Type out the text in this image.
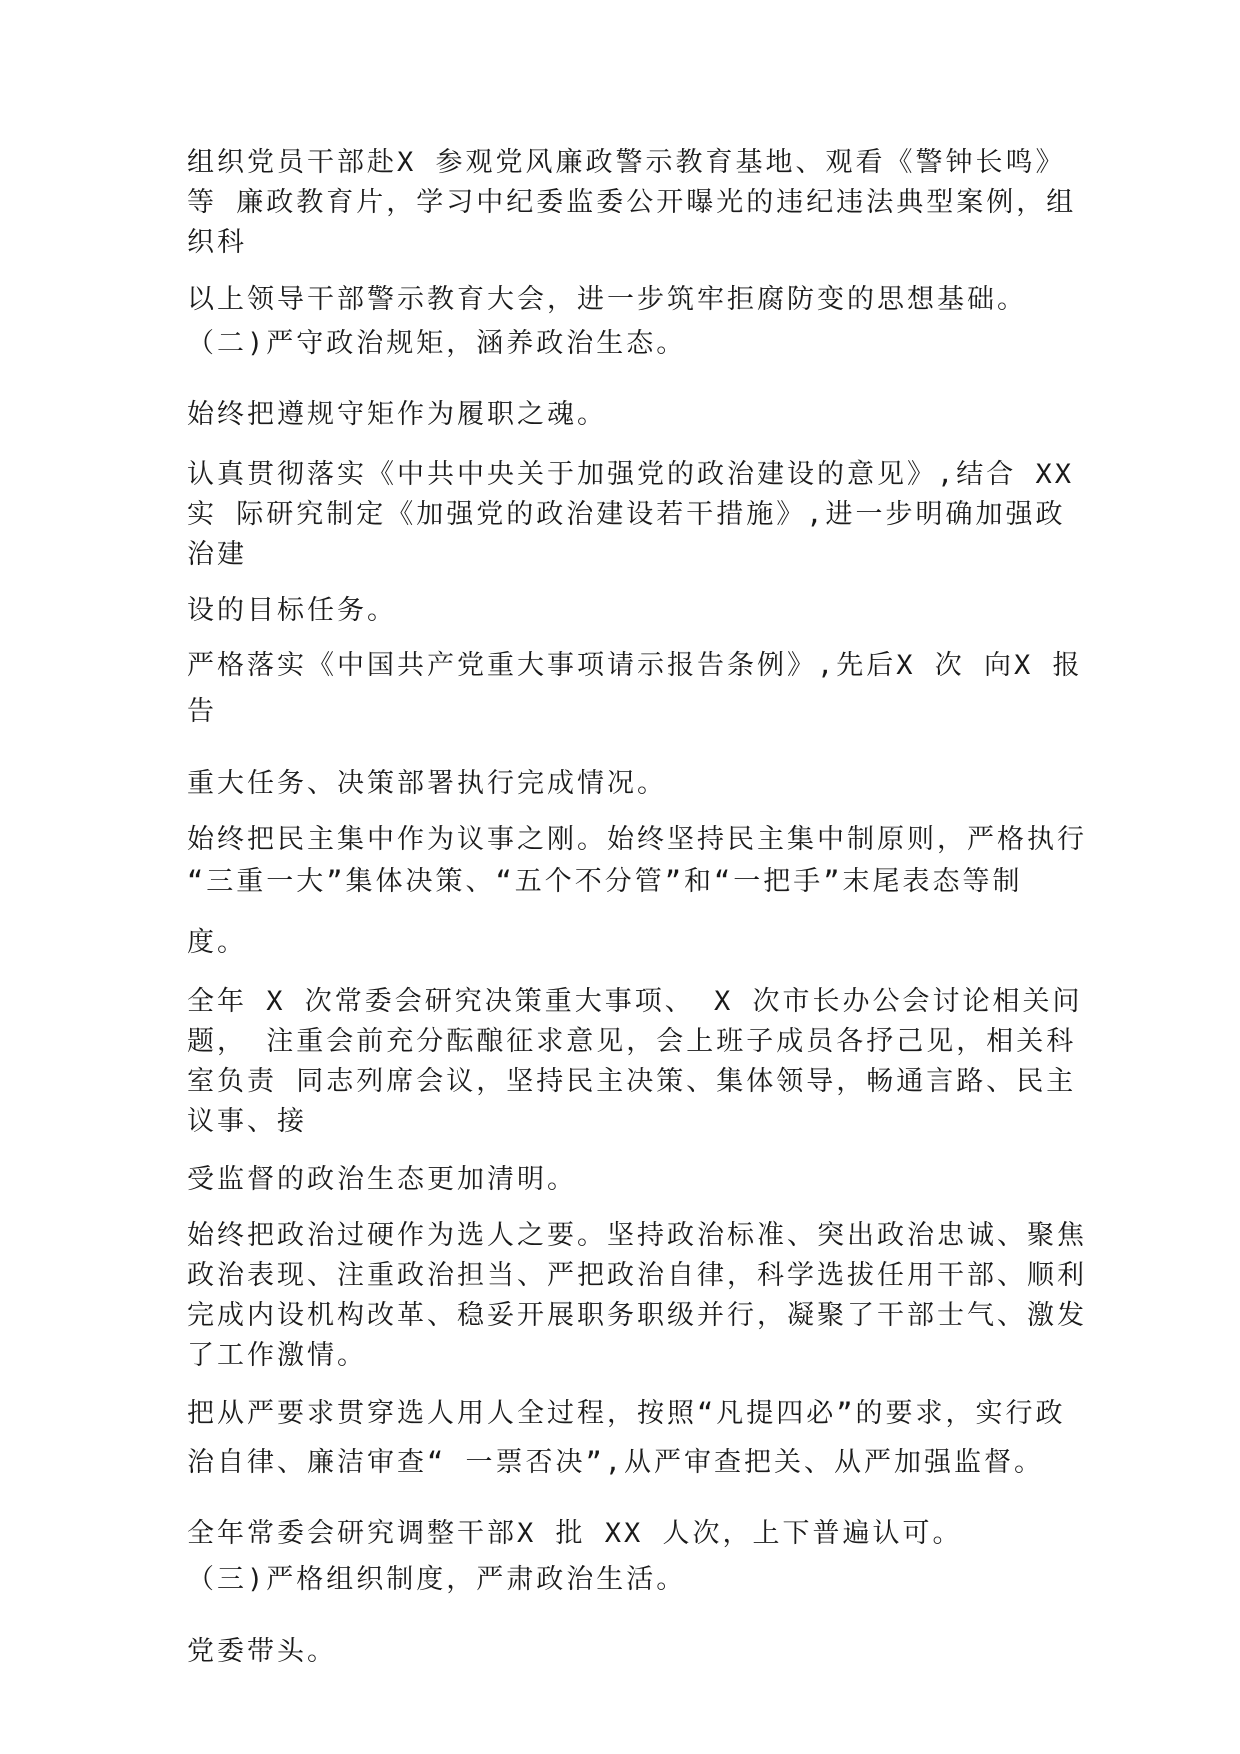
组织党员干部赴X 参观党风廉政警示教育基地、观看《警钟长鸣》

等 廉政教育片，学习中纪委监委公开曝光的违纪违法典型案例，组

织科

以上领导干部警示教育大会，进一步筑牢拒腐防变的思想基础。

（二)严守政治规矩，涵养政治生态。

始终把遵规守矩作为履职之魂。

认真贯彻落实《中共中央关于加强党的政治建设的意见》,结合 XX

实 际研究制定《加强党的政治建设若干措施》,进一步明确加强政

治建

设的目标任务。

严格落实《中国共产党重大事项请示报告条例》,先后X 次 向X 报

告

重大任务、决策部署执行完成情况。

始终把民主集中作为议事之刚。始终坚持民主集中制原则，严格执行

“三重一大”集体决策、“五个不分管”和“一把手”末尾表态等制

度。

全年 X 次常委会研究决策重大事项、 X 次市长办公会讨论相关问

题， 注重会前充分酝酿征求意见，会上班子成员各抒己见，相关科

室负责 同志列席会议，坚持民主决策、集体领导，畅通言路、民主

议事、接

受监督的政治生态更加清明。

始终把政治过硬作为选人之要。坚持政治标准、突出政治忠诚、聚焦

政治表现、注重政治担当、严把政治自律，科学选拔任用干部、顺利

完成内设机构改革、稳妥开展职务职级并行，凝聚了干部士气、激发

了工作激情。

把从严要求贯穿选人用人全过程，按照“凡提四必”的要求，实行政

治自律、廉洁审查“ 一票否决”,从严审查把关、从严加强监督。

全年常委会研究调整干部X 批 XX 人次，上下普遍认可。

（三)严格组织制度，严肃政治生活。

党委带头。
